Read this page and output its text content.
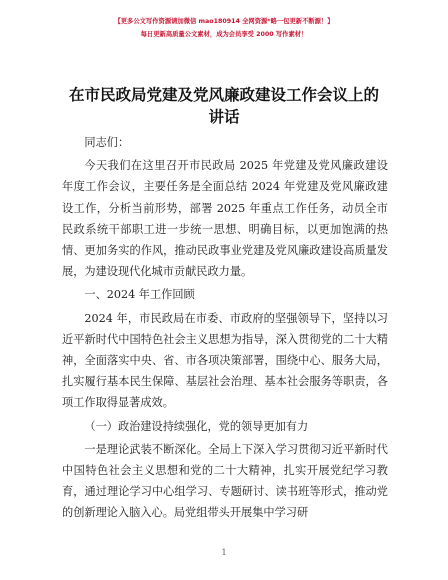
【更多公文写作资源请加微信 mao180914 全网资源*略一包更新不断源！】
每日更新高质量公文素材，成为会员享受 2000 写作素材！
在市民政局党建及党风廉政建设工作会议上的
讲话

同志们：

今天我们在这里召开市民政局 2025 年党建及党风廉政建设年度工作会议，主要任务是全面总结 2024 年党建及党风廉政建设工作，分析当前形势，部署 2025 年重点工作任务，动员全市民政系统干部职工进一步统一思想、明确目标，以更加饱满的热情、更加务实的作风，推动民政事业党建及党风廉政建设高质量发展，为建设现代化城市贡献民政力量。

一、2024 年工作回顾

2024 年，市民政局在市委、市政府的坚强领导下，坚持以习近平新时代中国特色社会主义思想为指导，深入贯彻党的二十大精神，全面落实中央、省、市各项决策部署，围绕中心、服务大局，扎实履行基本民生保障、基层社会治理、基本社会服务等职责，各项工作取得显著成效。

（一）政治建设持续强化，党的领导更加有力

一是理论武装不断深化。全局上下深入学习贯彻习近平新时代中国特色社会主义思想和党的二十大精神，扎实开展党纪学习教育，通过理论学习中心组学习、专题研讨、读书班等形式，推动党的创新理论入脑入心。局党组带头开展集中学习研

1
